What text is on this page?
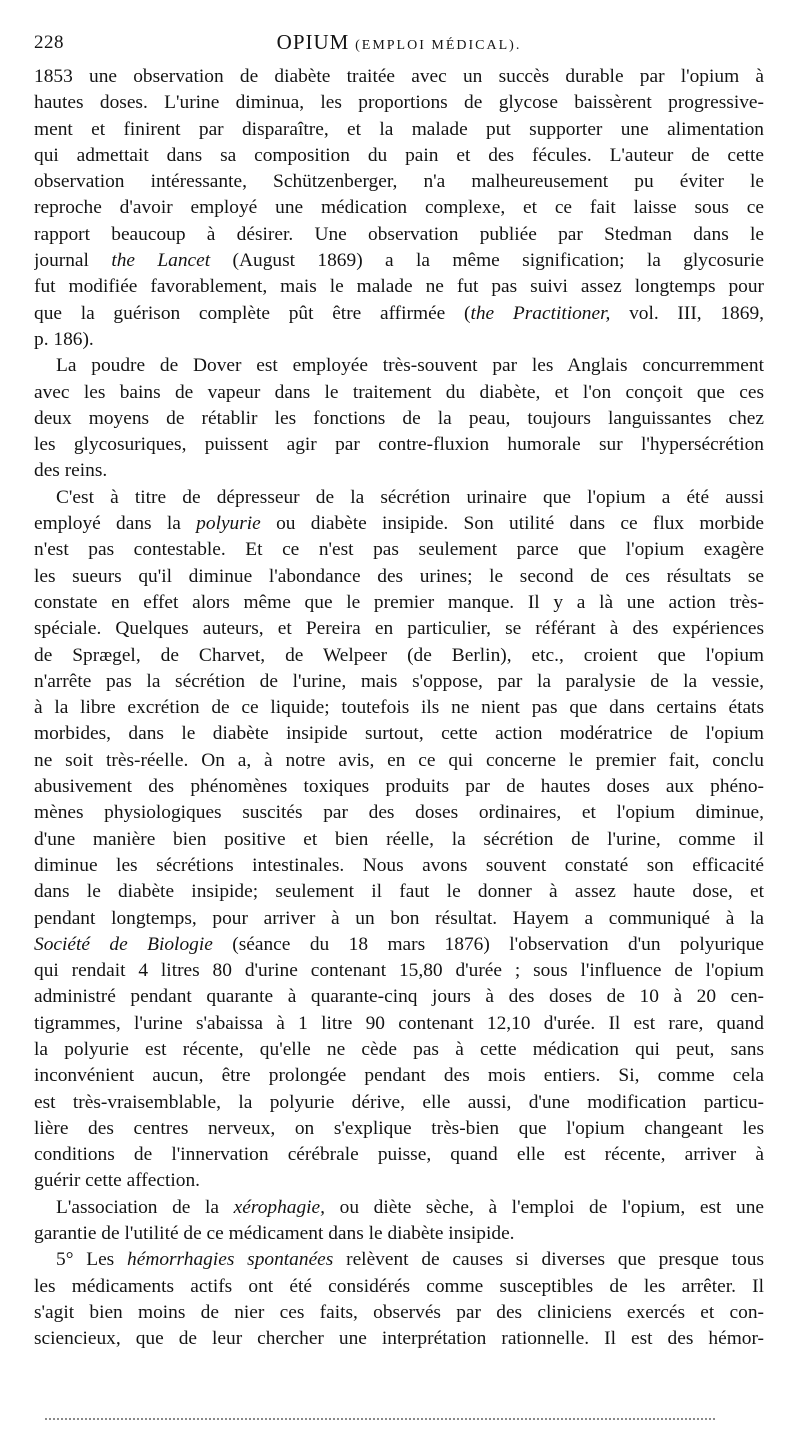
228	OPIUM (EMPLOI MÉDICAL).
1853 une observation de diabète traitée avec un succès durable par l'opium à
hautes doses. L'urine diminua, les proportions de glycose baissèrent progressive-
ment et finirent par disparaître, et la malade put supporter une alimentation
qui admettait dans sa composition du pain et des fécules. L'auteur de cette
observation intéressante, Schützenberger, n'a malheureusement pu éviter le
reproche d'avoir employé une médication complexe, et ce fait laisse sous ce
rapport beaucoup à désirer. Une observation publiée par Stedman dans le
journal the Lancet (August 1869) a la même signification; la glycosurie
fut modifiée favorablement, mais le malade ne fut pas suivi assez longtemps pour
que la guérison complète pût être affirmée (the Practitioner, vol. III, 1869,
p. 186).
La poudre de Dover est employée très-souvent par les Anglais concurremment
avec les bains de vapeur dans le traitement du diabète, et l'on conçoit que ces
deux moyens de rétablir les fonctions de la peau, toujours languissantes chez
les glycosuriques, puissent agir par contre-fluxion humorale sur l'hypersécrétion
des reins.
C'est à titre de dépresseur de la sécrétion urinaire que l'opium a été aussi
employé dans la polyurie ou diabète insipide. Son utilité dans ce flux morbide
n'est pas contestable. Et ce n'est pas seulement parce que l'opium exagère
les sueurs qu'il diminue l'abondance des urines; le second de ces résultats se
constate en effet alors même que le premier manque. Il y a là une action très-
spéciale. Quelques auteurs, et Pereira en particulier, se référant à des expériences
de Sprægel, de Charvet, de Welpeer (de Berlin), etc., croient que l'opium
n'arrête pas la sécrétion de l'urine, mais s'oppose, par la paralysie de la vessie,
à la libre excrétion de ce liquide; toutefois ils ne nient pas que dans certains états
morbides, dans le diabète insipide surtout, cette action modératrice de l'opium
ne soit très-réelle. On a, à notre avis, en ce qui concerne le premier fait, conclu
abusivement des phénomènes toxiques produits par de hautes doses aux phéno-
mènes physiologiques suscités par des doses ordinaires, et l'opium diminue,
d'une manière bien positive et bien réelle, la sécrétion de l'urine, comme il
diminue les sécrétions intestinales. Nous avons souvent constaté son efficacité
dans le diabète insipide; seulement il faut le donner à assez haute dose, et
pendant longtemps, pour arriver à un bon résultat. Hayem a communiqué à la
Société de Biologie (séance du 18 mars 1876) l'observation d'un polyurique
qui rendait 4 litres 80 d'urine contenant 15,80 d'urée ; sous l'influence de l'opium
administré pendant quarante à quarante-cinq jours à des doses de 10 à 20 cen-
tigrammes, l'urine s'abaissa à 1 litre 90 contenant 12,10 d'urée. Il est rare, quand
la polyurie est récente, qu'elle ne cède pas à cette médication qui peut, sans
inconvénient aucun, être prolongée pendant des mois entiers. Si, comme cela
est très-vraisemblable, la polyurie dérive, elle aussi, d'une modification particu-
lière des centres nerveux, on s'explique très-bien que l'opium changeant les
conditions de l'innervation cérébrale puisse, quand elle est récente, arriver à
guérir cette affection.
L'association de la xérophagie, ou diète sèche, à l'emploi de l'opium, est une
garantie de l'utilité de ce médicament dans le diabète insipide.
5° Les hémorrhagies spontanées relèvent de causes si diverses que presque tous
les médicaments actifs ont été considérés comme susceptibles de les arrêter. Il
s'agit bien moins de nier ces faits, observés par des cliniciens exercés et con-
sciencieux, que de leur chercher une interprétation rationnelle. Il est des hémor-
